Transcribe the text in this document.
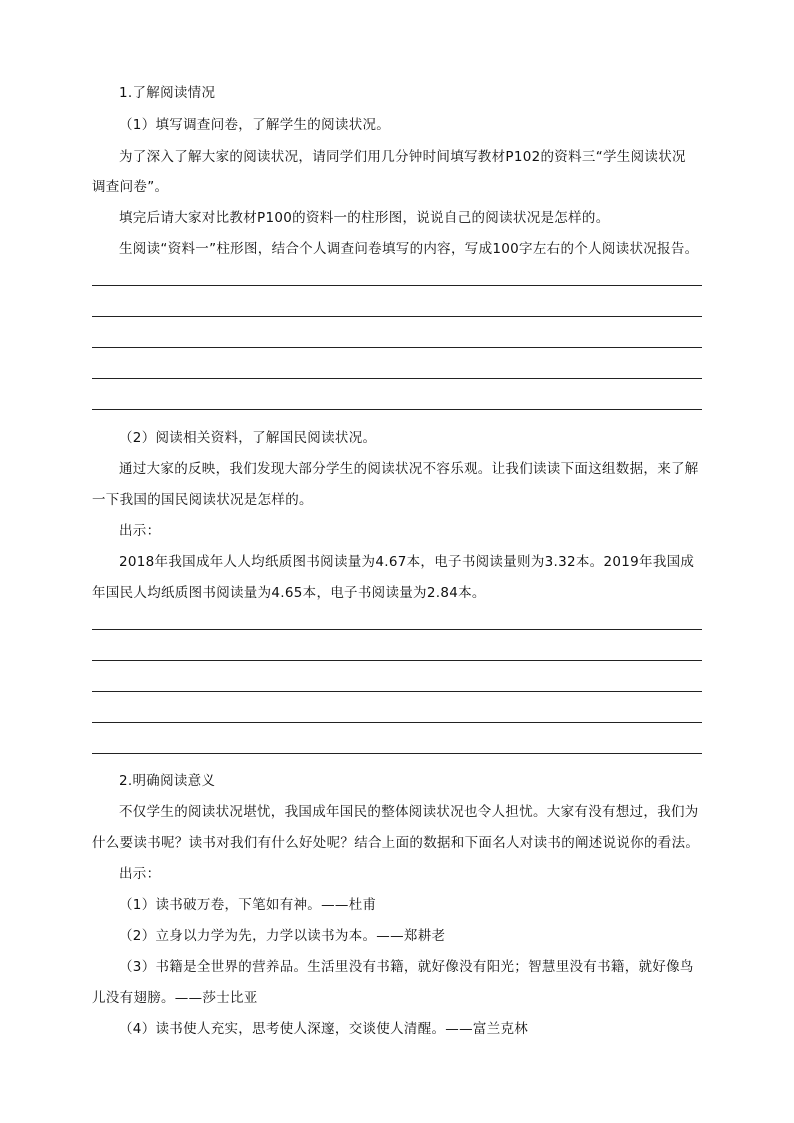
1.了解阅读情况
（1）填写调查问卷，了解学生的阅读状况。
为了深入了解大家的阅读状况，请同学们用几分钟时间填写教材P102的资料三“学生阅读状况
调查问卷”。
填完后请大家对比教材P100的资料一的柱形图，说说自己的阅读状况是怎样的。
生阅读“资料一”柱形图，结合个人调查问卷填写的内容，写成100字左右的个人阅读状况报告。
（2）阅读相关资料，了解国民阅读状况。
通过大家的反映，我们发现大部分学生的阅读状况不容乐观。让我们读读下面这组数据，来了解
一下我国的国民阅读状况是怎样的。
出示：
2018年我国成年人人均纸质图书阅读量为4.67本，电子书阅读量则为3.32本。2019年我国成
年国民人均纸质图书阅读量为4.65本，电子书阅读量为2.84本。
2.明确阅读意义
不仅学生的阅读状况堪忧，我国成年国民的整体阅读状况也令人担忧。大家有没有想过，我们为
什么要读书呢？读书对我们有什么好处呢？结合上面的数据和下面名人对读书的阐述说说你的看法。
出示：
（1）读书破万卷，下笔如有神。——杜甫
（2）立身以力学为先，力学以读书为本。——郑耕老
（3）书籍是全世界的营养品。生活里没有书籍，就好像没有阳光；智慧里没有书籍，就好像鸟
儿没有翅膀。——莎士比亚
（4）读书使人充实，思考使人深邃，交谈使人清醒。——富兰克林
